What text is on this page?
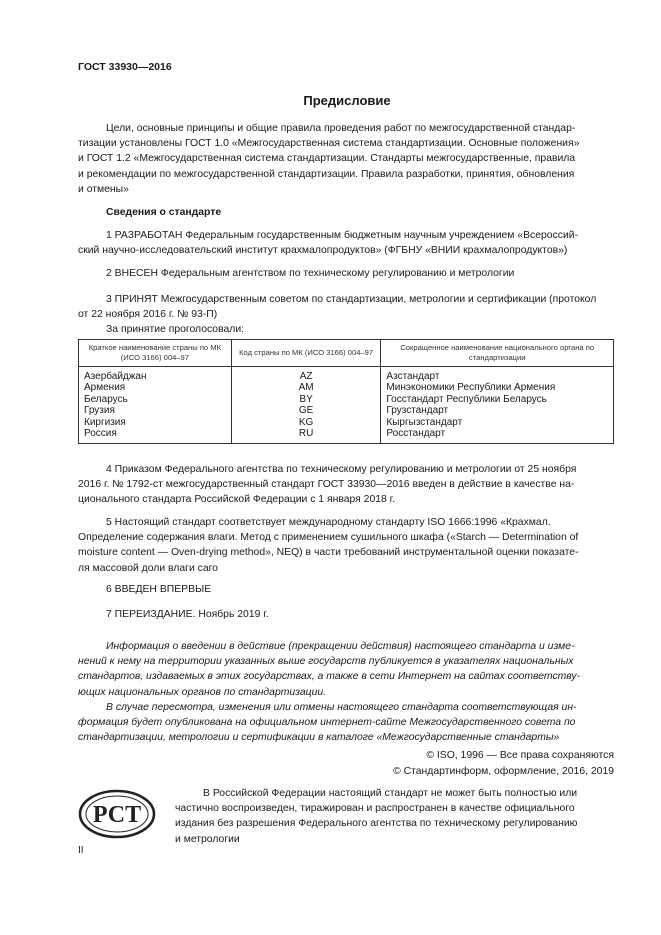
ГОСТ 33930—2016
Предисловие
Цели, основные принципы и общие правила проведения работ по межгосударственной стандар-
тизации установлены ГОСТ 1.0 «Межгосударственная система стандартизации. Основные положения»
и ГОСТ 1.2 «Межгосударственная система стандартизации. Стандарты межгосударственные, правила
и рекомендации по межгосударственной стандартизации. Правила разработки, принятия, обновления
и отмены»
Сведения о стандарте
1 РАЗРАБОТАН Федеральным государственным бюджетным научным учреждением «Всероссий-
ский научно-исследовательский институт крахмалопродуктов» (ФГБНУ «ВНИИ крахмалопродуктов»)
2 ВНЕСЕН Федеральным агентством по техническому регулированию и метрологии
3 ПРИНЯТ Межгосударственным советом по стандартизации, метрологии и сертификации (протокол
от 22 ноября 2016 г. № 93-П)
За принятие проголосовали:
Краткое наименование страны по МК (ИСО 3166) 004–97	Код страны по МК (ИСО 3166) 004–97	Сокращенное наименование национального органа по стандартизации
Азербайджан	AZ	Азстандарт
Армения	AM	Минэкономики Республики Армения
Беларусь	BY	Госстандарт Республики Беларусь
Грузия	GE	Грузстандарт
Киргизия	KG	Кыргызстандарт
Россия	RU	Росстандарт
4 Приказом Федерального агентства по техническому регулированию и метрологии от 25 ноября
2016 г. № 1792-ст межгосударственный стандарт ГОСТ 33930—2016 введен в действие в качестве на-
ционального стандарта Российской Федерации с 1 января 2018 г.
5 Настоящий стандарт соответствует международному стандарту ISO 1666:1996 «Крахмал.
Определение содержания влаги. Метод с применением сушильного шкафа («Starch — Determination of
moisture content — Oven-drying method», NEQ) в части требований инструментальной оценки показате-
ля массовой доли влаги саго
6 ВВЕДЕН ВПЕРВЫЕ
7 ПЕРЕИЗДАНИЕ. Ноябрь 2019 г.
Информация о введении в действие (прекращении действия) настоящего стандарта и изме-
нений к нему на территории указанных выше государств публикуется в указателях национальных
стандартов, издаваемых в этих государствах, а также в сети Интернет на сайтах соответству-
ющих национальных органов по стандартизации.
В случае пересмотра, изменения или отмены настоящего стандарта соответствующая ин-
формация будет опубликована на официальном интернет-сайте Межгосударственного совета по
стандартизации, метрологии и сертификации в каталоге «Межгосударственные стандарты»
© ISO, 1996 — Все права сохраняются
© Стандартинформ, оформление, 2016, 2019
РСТ
В Российской Федерации настоящий стандарт не может быть полностью или
частично воспроизведен, тиражирован и распространен в качестве официального
издания без разрешения Федерального агентства по техническому регулированию
и метрологии
II
